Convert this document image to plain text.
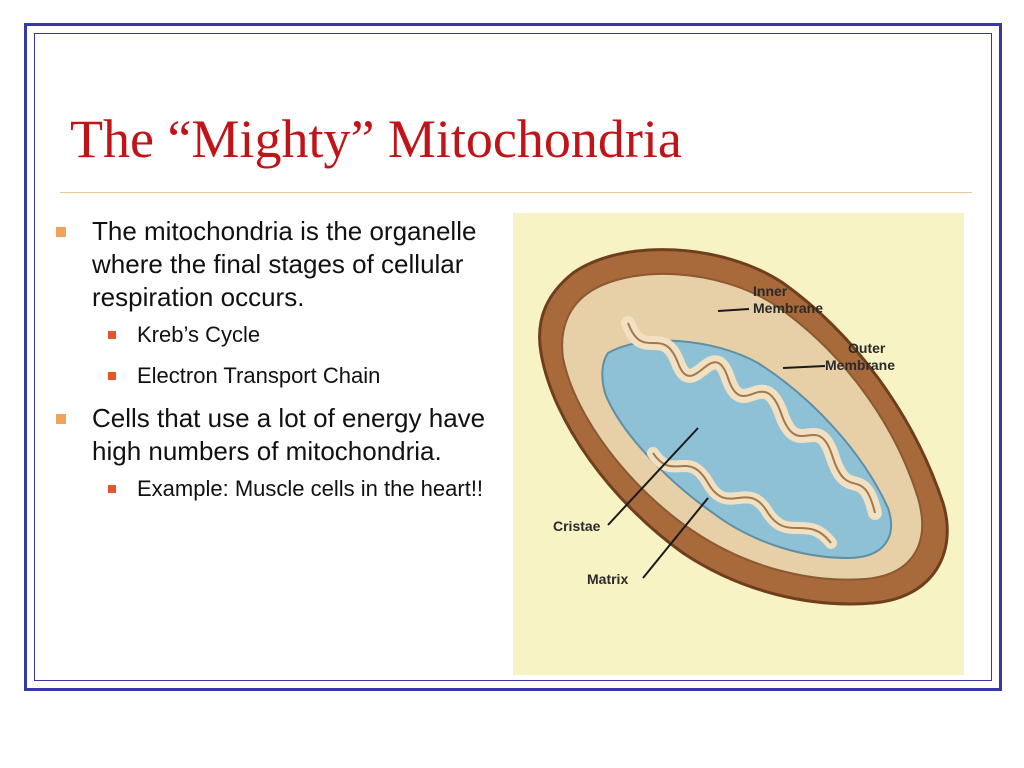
The “Mighty” Mitochondria
The mitochondria is the organelle where the final stages of cellular respiration occurs.
Kreb’s Cycle
Electron Transport Chain
Cells that use a lot of energy have high numbers of mitochondria.
Example: Muscle cells in the heart!!
Inner
Membrane
Outer
Membrane
Cristae
Matrix
